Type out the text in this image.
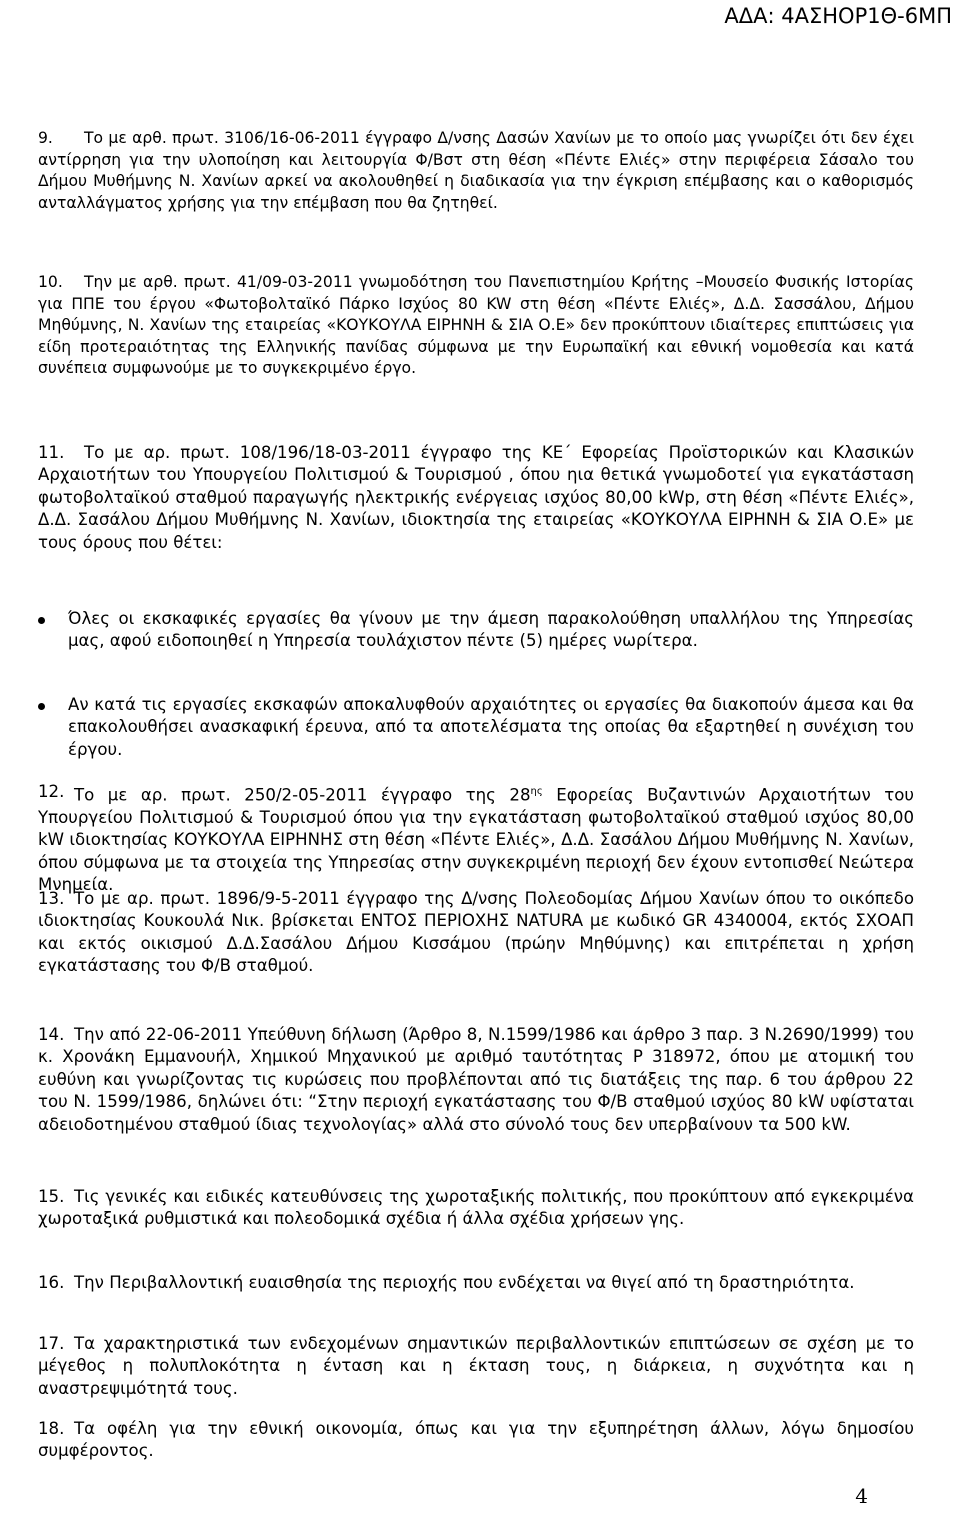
ΑΔΑ: 4ΑΣΗΟΡ1Θ-6ΜΠ
9.	Το με αρθ. πρωτ. 3106/16-06-2011 έγγραφο Δ/νσης Δασών Χανίων με το οποίο μας γνωρίζει ότι δεν έχει αντίρρηση για την υλοποίηση και λειτουργία Φ/Βστ στη θέση «Πέντε Ελιές» στην περιφέρεια Σάσαλο του Δήμου Μυθήμνης Ν. Χανίων αρκεί να ακολουθηθεί η διαδικασία για την έγκριση επέμβασης και ο καθορισμός ανταλλάγματος χρήσης για την επέμβαση που θα ζητηθεί.
10.	Την με αρθ. πρωτ. 41/09-03-2011 γνωμοδότηση του Πανεπιστημίου Κρήτης –Μουσείο Φυσικής Ιστορίας για ΠΠΕ του έργου «Φωτοβολταϊκό Πάρκο Ισχύος 80 KW στη θέση «Πέντε Ελιές», Δ.Δ. Σασσάλου, Δήμου Μηθύμνης, Ν. Χανίων της εταιρείας «ΚΟΥΚΟΥΛΑ ΕΙΡΗΝΗ & ΣΙΑ Ο.Ε» δεν προκύπτουν ιδιαίτερες επιπτώσεις για είδη προτεραιότητας της Ελληνικής πανίδας σύμφωνα με την Ευρωπαϊκή και εθνική νομοθεσία και κατά συνέπεια συμφωνούμε με το συγκεκριμένο έργο.
11.	Το με αρ. πρωτ. 108/196/18-03-2011 έγγραφο της ΚΕ΄ Εφορείας Προϊστορικών και Κλασικών Αρχαιοτήτων του Υπουργείου Πολιτισμού & Τουρισμού , όπου ηια θετικά γνωμοδοτεί για εγκατάσταση φωτοβολταϊκού σταθμού παραγωγής ηλεκτρικής ενέργειας ισχύος 80,00 kWp, στη θέση «Πέντε Ελιές», Δ.Δ. Σασάλου Δήμου Μυθήμνης Ν. Χανίων, ιδιοκτησία της εταιρείας «ΚΟΥΚΟΥΛΑ ΕΙΡΗΝΗ & ΣΙΑ Ο.Ε» με τους όρους που θέτει:
Όλες οι εκσκαφικές εργασίες θα γίνουν με την άμεση παρακολούθηση υπαλλήλου της Υπηρεσίας μας, αφού ειδοποιηθεί η Υπηρεσία τουλάχιστον πέντε (5) ημέρες νωρίτερα.
Αν κατά τις εργασίες εκσκαφών αποκαλυφθούν αρχαιότητες οι εργασίες θα διακοπούν άμεσα και θα επακολουθήσει ανασκαφική έρευνα, από τα αποτελέσματα της οποίας θα εξαρτηθεί η συνέχιση του έργου.
12. Το με αρ. πρωτ. 250/2-05-2011 έγγραφο της $28^{\eta\varsigma}$ Εφορείας Βυζαντινών Αρχαιοτήτων του Υπουργείου Πολιτισμού & Τουρισμού όπου για την εγκατάσταση φωτοβολταϊκού σταθμού ισχύος 80,00 kW ιδιοκτησίας ΚΟΥΚΟΥΛΑ ΕΙΡΗΝΗΣ στη θέση «Πέντε Ελιές», Δ.Δ. Σασάλου Δήμου Μυθήμνης Ν. Χανίων, όπου σύμφωνα με τα στοιχεία της Υπηρεσίας στην συγκεκριμένη περιοχή δεν έχουν εντοπισθεί Νεώτερα Μνημεία.
13. Το με αρ. πρωτ. 1896/9-5-2011 έγγραφο της Δ/νσης Πολεοδομίας Δήμου Χανίων όπου το οικόπεδο ιδιοκτησίας Κουκουλά Νικ. βρίσκεται ΕΝΤΟΣ ΠΕΡΙΟΧΗΣ NATURA με κωδικό GR 4340004, εκτός ΣΧΟΑΠ και εκτός οικισμού Δ.Δ.Σασάλου Δήμου Κισσάμου (πρώην Μηθύμνης) και επιτρέπεται η χρήση εγκατάστασης του Φ/Β σταθμού.
14. Την από 22-06-2011 Υπεύθυνη δήλωση (Άρθρο 8, Ν.1599/1986 και άρθρο 3 παρ. 3 Ν.2690/1999) του κ. Χρονάκη Εμμανουήλ, Χημικού Μηχανικού με αριθμό ταυτότητας Ρ 318972, όπου με ατομική του ευθύνη και γνωρίζοντας τις κυρώσεις που προβλέπονται από τις διατάξεις της παρ. 6 του άρθρου 22 του Ν. 1599/1986, δηλώνει ότι: “Στην περιοχή εγκατάστασης του Φ/Β σταθμού ισχύος 80 kW υφίσταται αδειοδοτημένου σταθμού ίδιας τεχνολογίας» αλλά στο σύνολό τους δεν υπερβαίνουν τα 500 kW.
15. Τις γενικές και ειδικές κατευθύνσεις της χωροταξικής πολιτικής, που προκύπτουν από εγκεκριμένα χωροταξικά ρυθμιστικά και πολεοδομικά σχέδια ή άλλα σχέδια χρήσεων γης.
16. Την Περιβαλλοντική ευαισθησία της περιοχής που ενδέχεται να θιγεί από τη δραστηριότητα.
17. Τα χαρακτηριστικά των ενδεχομένων σημαντικών περιβαλλοντικών επιπτώσεων σε σχέση με το μέγεθος η πολυπλοκότητα η ένταση και η έκταση τους, η διάρκεια, η συχνότητα και η αναστρεψιμότητά τους.
18. Τα οφέλη για την εθνική οικονομία, όπως και για την εξυπηρέτηση άλλων, λόγω δημοσίου συμφέροντος.
4
